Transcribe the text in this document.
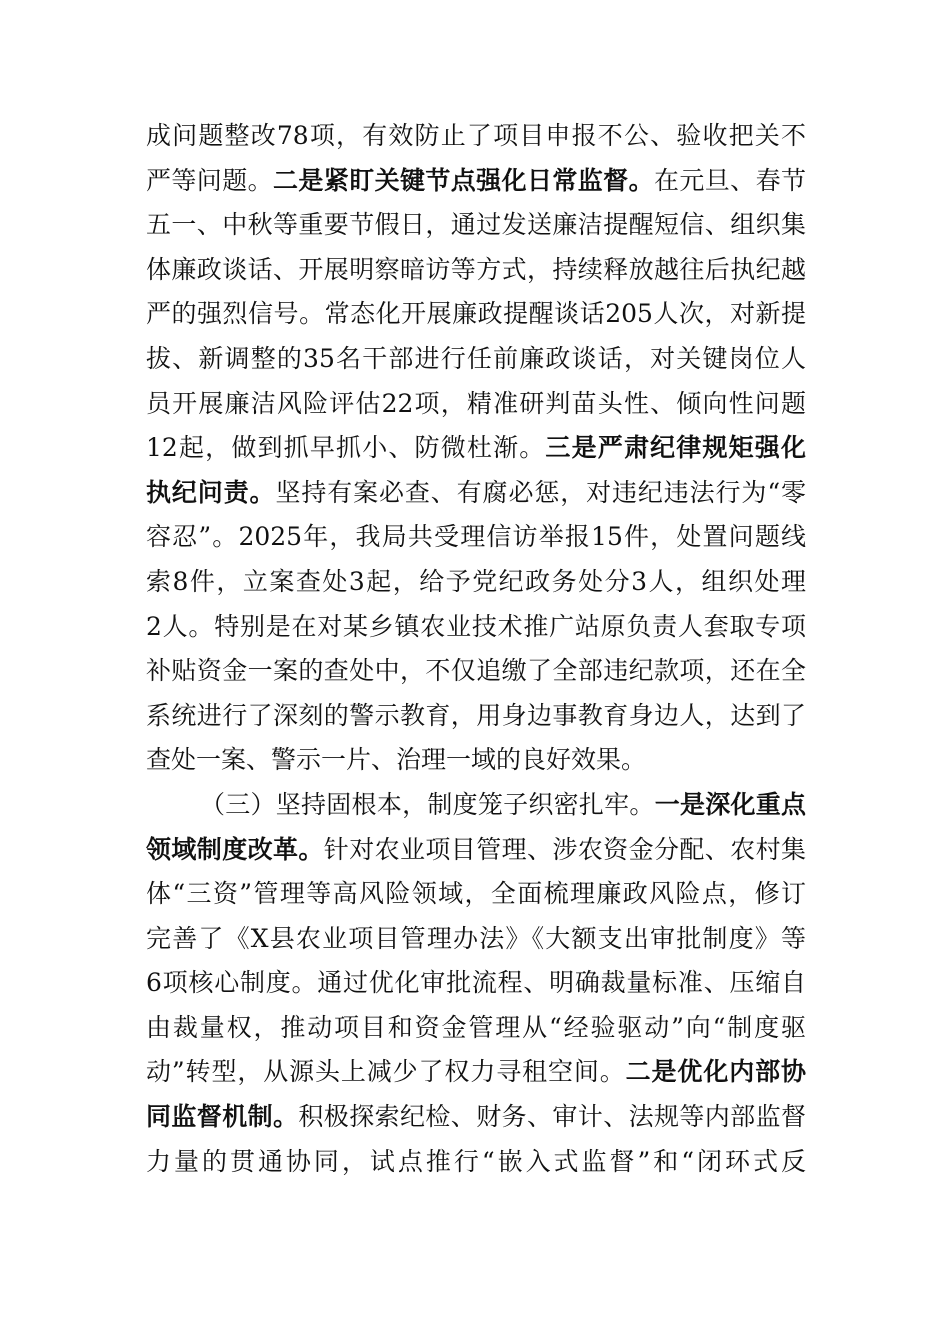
成问题整改78项，有效防止了项目申报不公、验收把关不
严等问题。二是紧盯关键节点强化日常监督。在元旦、春节
五一、中秋等重要节假日，通过发送廉洁提醒短信、组织集
体廉政谈话、开展明察暗访等方式，持续释放越往后执纪越
严的强烈信号。常态化开展廉政提醒谈话205人次，对新提
拔、新调整的35名干部进行任前廉政谈话，对关键岗位人
员开展廉洁风险评估22项，精准研判苗头性、倾向性问题
12起，做到抓早抓小、防微杜渐。三是严肃纪律规矩强化
执纪问责。坚持有案必查、有腐必惩，对违纪违法行为“零
容忍”。2025年，我局共受理信访举报15件，处置问题线
索8件，立案查处3起，给予党纪政务处分3人，组织处理
2人。特别是在对某乡镇农业技术推广站原负责人套取专项
补贴资金一案的查处中，不仅追缴了全部违纪款项，还在全
系统进行了深刻的警示教育，用身边事教育身边人，达到了
查处一案、警示一片、治理一域的良好效果。
（三）坚持固根本，制度笼子织密扎牢。一是深化重点
领域制度改革。针对农业项目管理、涉农资金分配、农村集
体“三资”管理等高风险领域，全面梳理廉政风险点，修订
完善了《X县农业项目管理办法》《大额支出审批制度》等
6项核心制度。通过优化审批流程、明确裁量标准、压缩自
由裁量权，推动项目和资金管理从“经验驱动”向“制度驱
动”转型，从源头上减少了权力寻租空间。二是优化内部协
同监督机制。积极探索纪检、财务、审计、法规等内部监督
力量的贯通协同，试点推行“嵌入式监督”和“闭环式反
